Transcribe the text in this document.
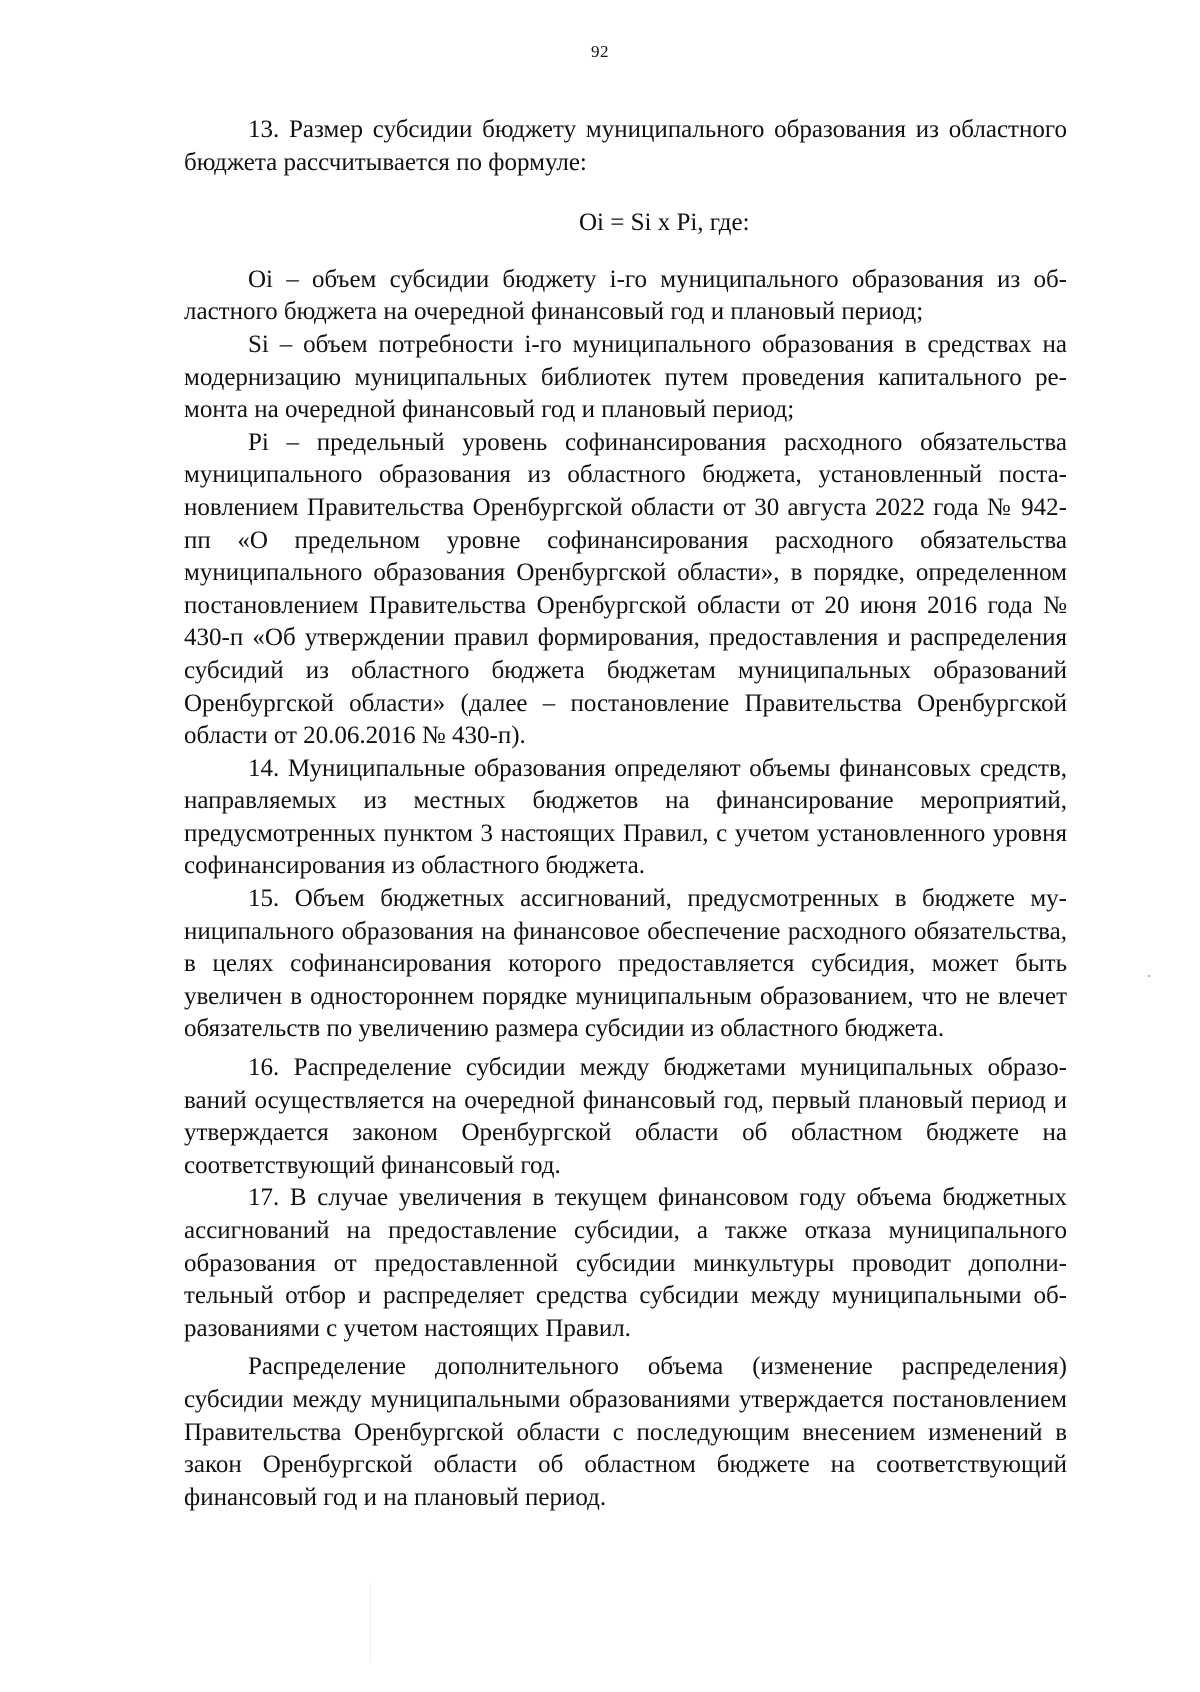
92

13. Размер субсидии бюджету муниципального образования из областного бюджета рассчитывается по формуле:

Oi = Si x Pi, где:

Oi – объем субсидии бюджету i-го муниципального образования из областного бюджета на очередной финансовый год и плановый период;

Si – объем потребности i-го муниципального образования в средствах на модернизацию муниципальных библиотек путем проведения капитального ремонта на очередной финансовый год и плановый период;

Pi – предельный уровень софинансирования расходного обязательства муниципального образования из областного бюджета, установленный постановлением Правительства Оренбургской области от 30 августа 2022 года № 942-пп «О предельном уровне софинансирования расходного обязательства муниципального образования Оренбургской области», в порядке, определенном постановлением Правительства Оренбургской области от 20 июня 2016 года № 430-п «Об утверждении правил формирования, предоставления и распределения субсидий из областного бюджета бюджетам муниципальных образований Оренбургской области» (далее – постановление Правительства Оренбургской области от 20.06.2016 № 430-п).

14. Муниципальные образования определяют объемы финансовых средств, направляемых из местных бюджетов на финансирование мероприятий, предусмотренных пунктом 3 настоящих Правил, с учетом установленного уровня софинансирования из областного бюджета.

15. Объем бюджетных ассигнований, предусмотренных в бюджете муниципального образования на финансовое обеспечение расходного обязательства, в целях софинансирования которого предоставляется субсидия, может быть увеличен в одностороннем порядке муниципальным образованием, что не влечет обязательств по увеличению размера субсидии из областного бюджета.

16. Распределение субсидии между бюджетами муниципальных образований осуществляется на очередной финансовый год, первый плановый период и утверждается законом Оренбургской области об областном бюджете на соответствующий финансовый год.

17. В случае увеличения в текущем финансовом году объема бюджетных ассигнований на предоставление субсидии, а также отказа муниципального образования от предоставленной субсидии минкультуры проводит дополнительный отбор и распределяет средства субсидии между муниципальными образованиями с учетом настоящих Правил.

Распределение дополнительного объема (изменение распределения) субсидии между муниципальными образованиями утверждается постановлением Правительства Оренбургской области с последующим внесением изменений в закон Оренбургской области об областном бюджете на соответствующий финансовый год и на плановый период.
